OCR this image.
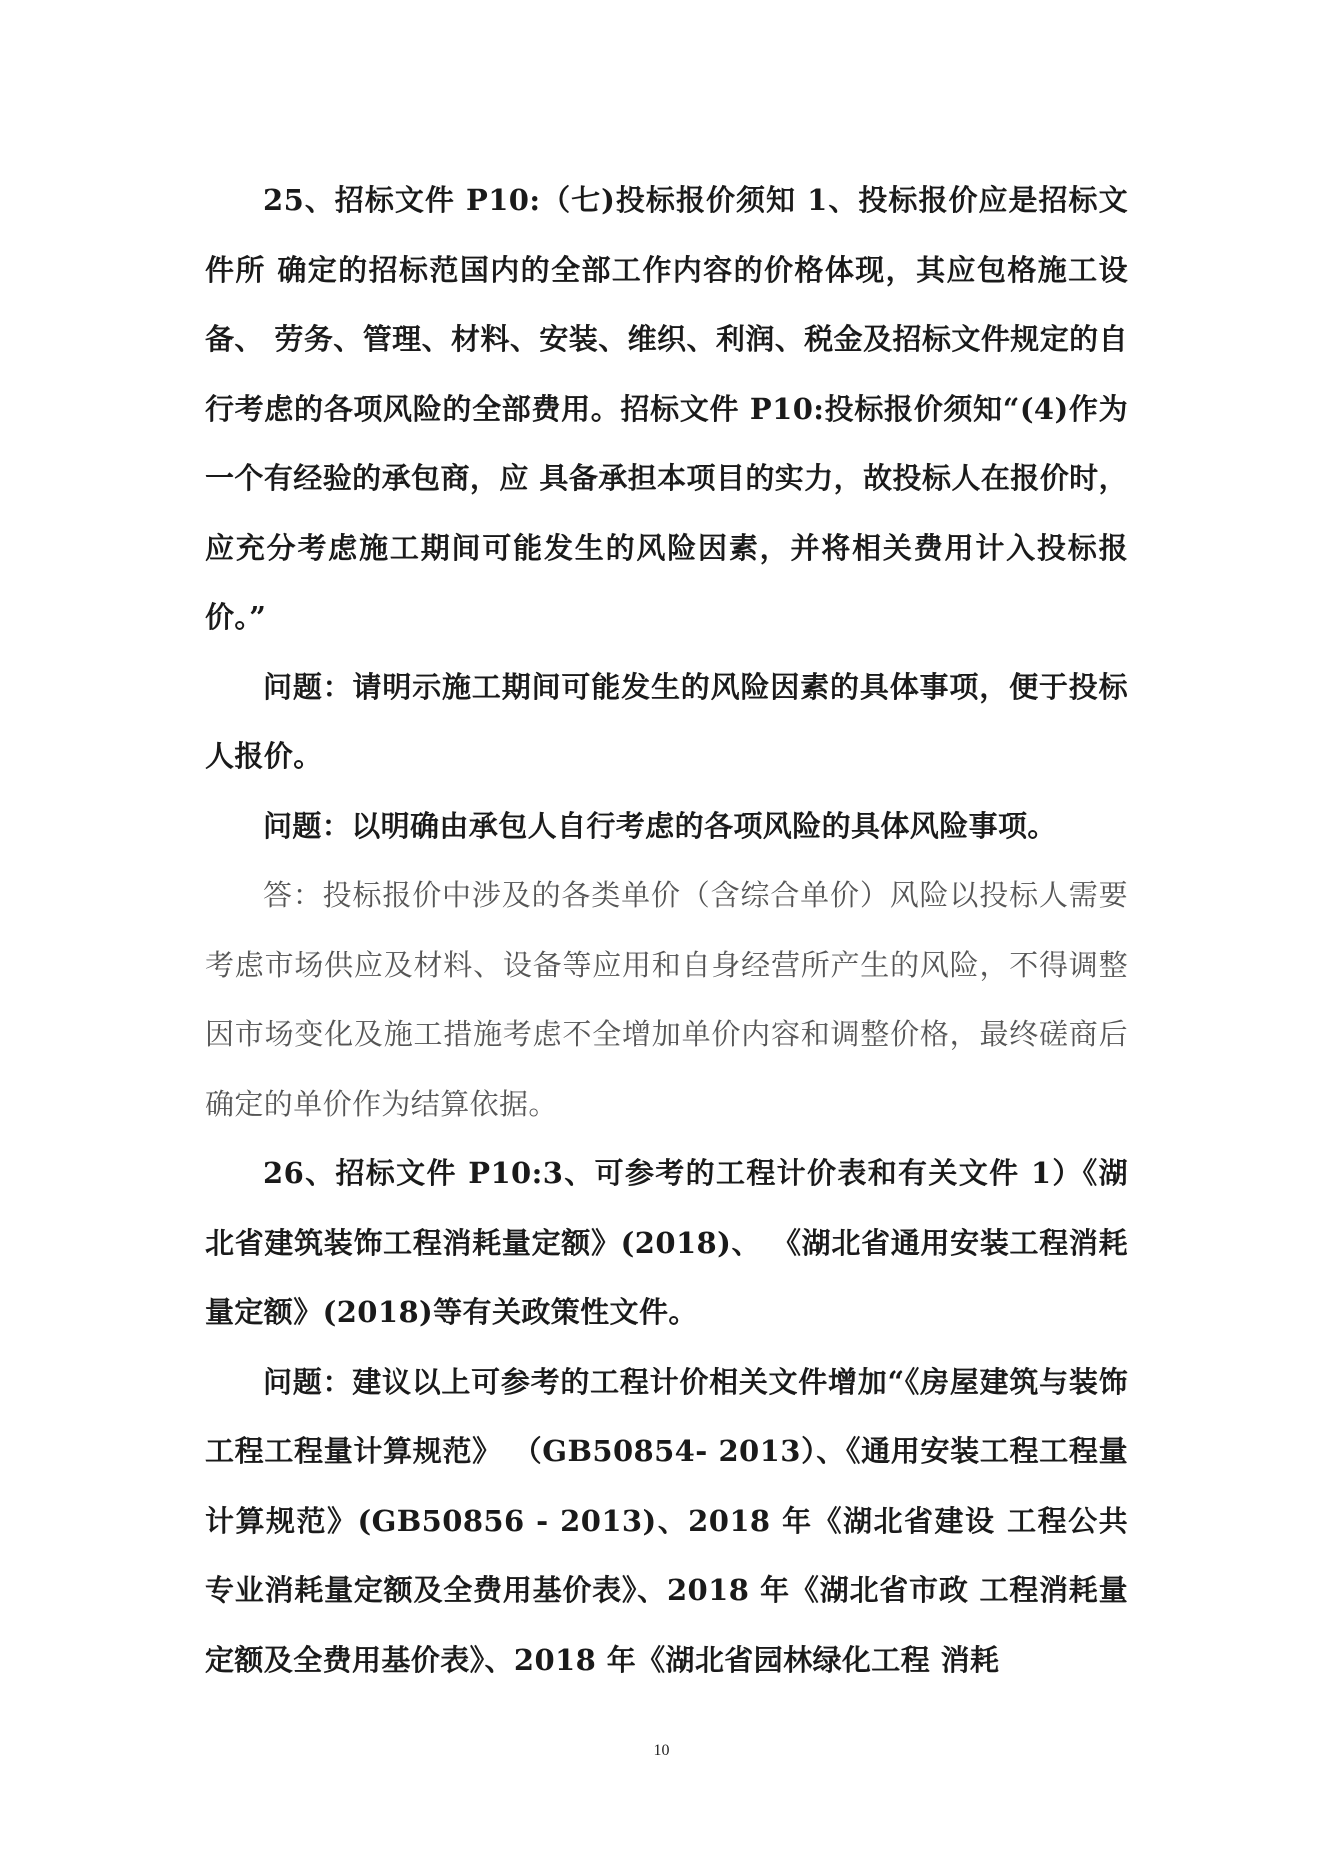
25、招标文件 P10:（七)投标报价须知 1、投标报价应是招标文件所 确定的招标范国内的全部工作内容的价格体现，其应包格施工设备、 劳务、管理、材料、安装、维织、利润、税金及招标文件规定的自行考虑的各项风险的全部费用。招标文件 P10:投标报价须知“(4)作为一个有经验的承包商，应 具备承担本项目的实力，故投标人在报价时，应充分考虑施工期间可能发生的风险因素，并将相关费用计入投标报价。”

问题：请明示施工期间可能发生的风险因素的具体事项，便于投标人报价。

问题：以明确由承包人自行考虑的各项风险的具体风险事项。

答：投标报价中涉及的各类单价（含综合单价）风险以投标人需要考虑市场供应及材料、设备等应用和自身经营所产生的风险，不得调整因市场变化及施工措施考虑不全增加单价内容和调整价格，最终磋商后确定的单价作为结算依据。

26、招标文件 P10:3、可参考的工程计价表和有关文件 1）《湖北省建筑装饰工程消耗量定额》(2018)、 《湖北省通用安装工程消耗量定额》(2018)等有关政策性文件。

问题：建议以上可参考的工程计价相关文件增加“《房屋建筑与装饰 工程工程量计算规范》 （GB50854- 2013）、《通用安装工程工程量计算规范》(GB50856 - 2013)、2018 年《湖北省建设 工程公共专业消耗量定额及全费用基价表》、2018 年《湖北省市政 工程消耗量定额及全费用基价表》、2018 年《湖北省园林绿化工程 消耗

10
